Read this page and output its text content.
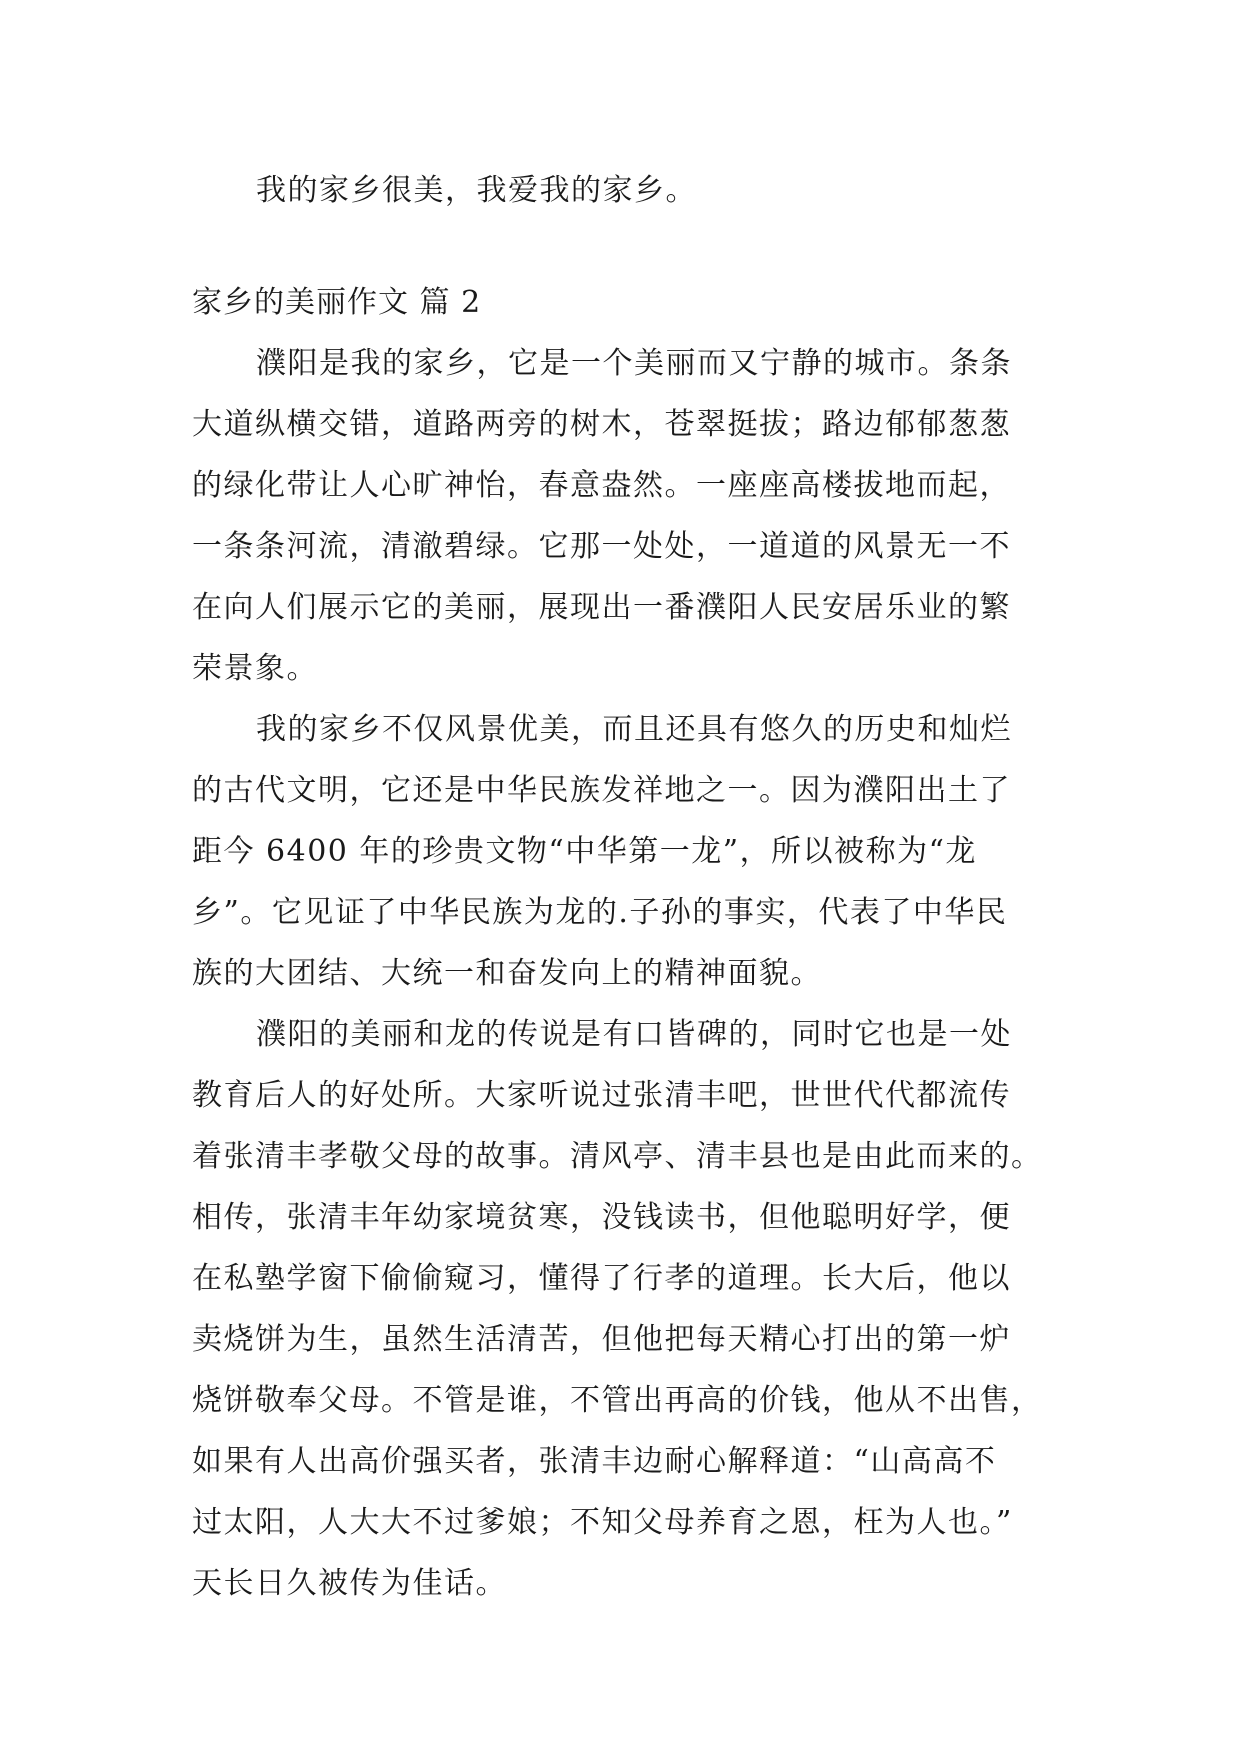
我的家乡很美，我爱我的家乡。
家乡的美丽作文 篇 2
濮阳是我的家乡，它是一个美丽而又宁静的城市。条条
大道纵横交错，道路两旁的树木，苍翠挺拔；路边郁郁葱葱
的绿化带让人心旷神怡，春意盎然。一座座高楼拔地而起，
一条条河流，清澈碧绿。它那一处处，一道道的风景无一不
在向人们展示它的美丽，展现出一番濮阳人民安居乐业的繁
荣景象。
我的家乡不仅风景优美，而且还具有悠久的历史和灿烂
的古代文明，它还是中华民族发祥地之一。因为濮阳出土了
距今 6400 年的珍贵文物“中华第一龙”，所以被称为“龙
乡”。它见证了中华民族为龙的.子孙的事实，代表了中华民
族的大团结、大统一和奋发向上的精神面貌。
濮阳的美丽和龙的传说是有口皆碑的，同时它也是一处
教育后人的好处所。大家听说过张清丰吧，世世代代都流传
着张清丰孝敬父母的故事。清风亭、清丰县也是由此而来的。
相传，张清丰年幼家境贫寒，没钱读书，但他聪明好学，便
在私塾学窗下偷偷窥习，懂得了行孝的道理。长大后，他以
卖烧饼为生，虽然生活清苦，但他把每天精心打出的第一炉
烧饼敬奉父母。不管是谁，不管出再高的价钱，他从不出售，
如果有人出高价强买者，张清丰边耐心解释道：“山高高不
过太阳，人大大不过爹娘；不知父母养育之恩，枉为人也。”
天长日久被传为佳话。
